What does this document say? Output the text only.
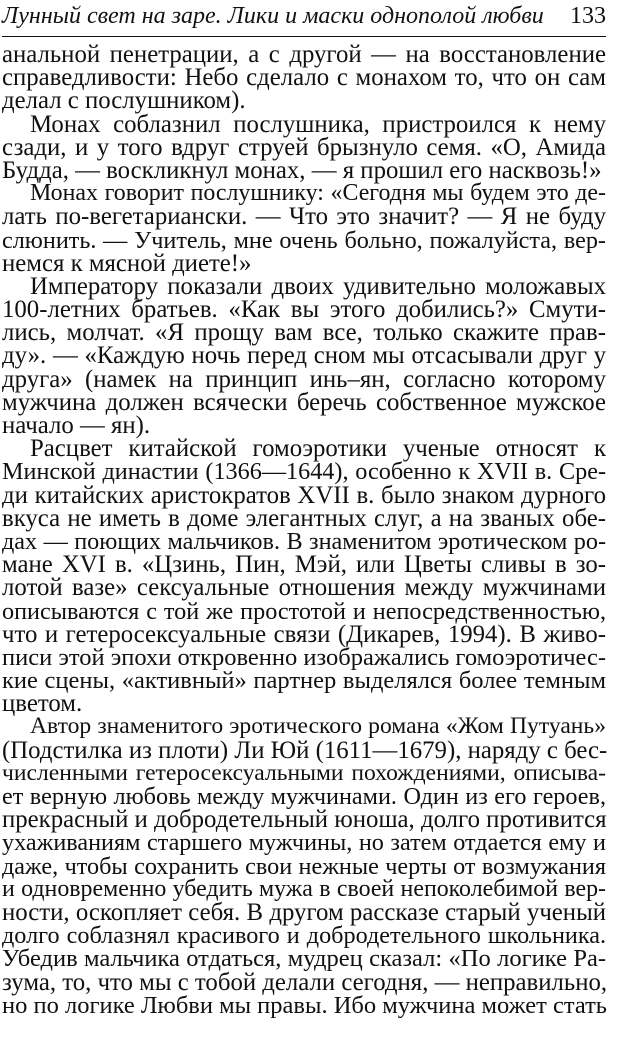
Лунный свет на заре. Лики и маски однополой любви 133
анальной пенетрации, а с другой — на восстановление
справедливости: Небо сделало с монахом то, что он сам
делал с послушником).
Монах соблазнил послушника, пристроился к нему
сзади, и у того вдруг струей брызнуло семя. «О, Амида
Будда, — воскликнул монах, — я прошил его насквозь!»
Монах говорит послушнику: «Сегодня мы будем это де-
лать по-вегетариански. — Что это значит? — Я не буду
слюнить. — Учитель, мне очень больно, пожалуйста, вер-
немся к мясной диете!»
Императору показали двоих удивительно моложавых
100-летних братьев. «Как вы этого добились?» Смути-
лись, молчат. «Я прощу вам все, только скажите прав-
ду». — «Каждую ночь перед сном мы отсасывали друг у
друга» (намек на принцип инь–ян, согласно которому
мужчина должен всячески беречь собственное мужское
начало — ян).
Расцвет китайской гомоэротики ученые относят к
Минской династии (1366—1644), особенно к XVII в. Сре-
ди китайских аристократов XVII в. было знаком дурного
вкуса не иметь в доме элегантных слуг, а на званых обе-
дах — поющих мальчиков. В знаменитом эротическом ро-
мане XVI в. «Цзинь, Пин, Мэй, или Цветы сливы в зо-
лотой вазе» сексуальные отношения между мужчинами
описываются с той же простотой и непосредственностью,
что и гетеросексуальные связи (Дикарев, 1994). В живо-
писи этой эпохи откровенно изображались гомоэротичес-
кие сцены, «активный» партнер выделялся более темным
цветом.
Автор знаменитого эротического романа «Жом Путуань»
(Подстилка из плоти) Ли Юй (1611—1679), наряду с бес-
численными гетеросексуальными похождениями, описыва-
ет верную любовь между мужчинами. Один из его героев,
прекрасный и добродетельный юноша, долго противится
ухаживаниям старшего мужчины, но затем отдается ему и
даже, чтобы сохранить свои нежные черты от возмужания
и одновременно убедить мужа в своей непоколебимой вер-
ности, оскопляет себя. В другом рассказе старый ученый
долго соблазнял красивого и добродетельного школьника.
Убедив мальчика отдаться, мудрец сказал: «По логике Ра-
зума, то, что мы с тобой делали сегодня, — неправильно,
но по логике Любви мы правы. Ибо мужчина может стать
